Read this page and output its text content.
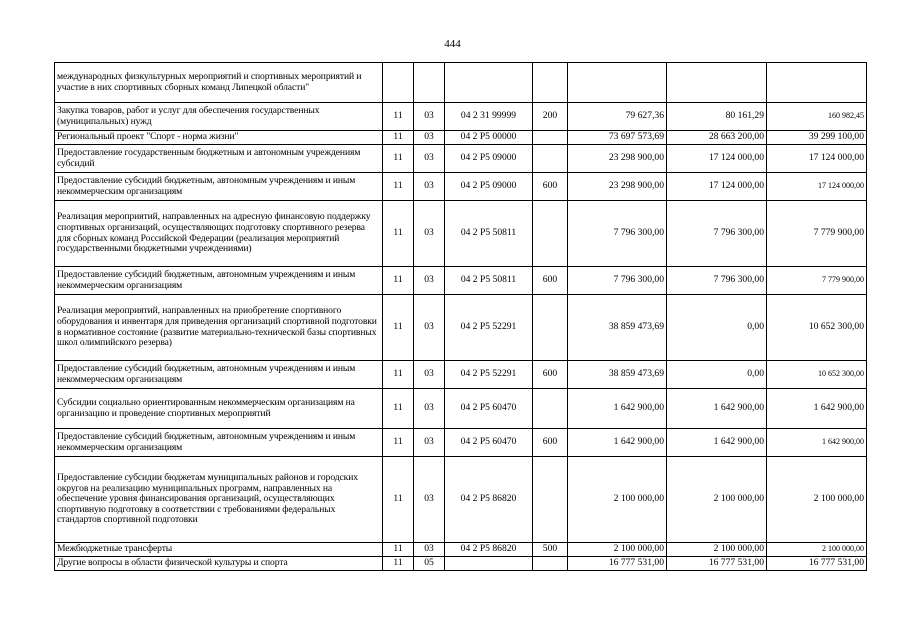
444
международных физкультурных мероприятий и спортивных мероприятий и участие в них спортивных сборных команд Липецкой области"							
Закупка товаров, работ и услуг для обеспечения государственных (муниципальных) нужд	11	03	04 2 31 99999	200	79 627,36	80 161,29	160 982,45
Региональный проект "Спорт - норма жизни"	11	03	04 2 P5 00000		73 697 573,69	28 663 200,00	39 299 100,00
Предоставление государственным бюджетным и автономным учреждениям субсидий	11	03	04 2 P5 09000		23 298 900,00	17 124 000,00	17 124 000,00
Предоставление субсидий бюджетным, автономным учреждениям и иным некоммерческим организациям	11	03	04 2 P5 09000	600	23 298 900,00	17 124 000,00	17 124 000,00
Реализация мероприятий, направленных на адресную финансовую поддержку спортивных организаций, осуществляющих подготовку спортивного резерва для сборных команд Российской Федерации (реализация мероприятий государственными бюджетными учреждениями)	11	03	04 2 P5 50811		7 796 300,00	7 796 300,00	7 779 900,00
Предоставление субсидий бюджетным, автономным учреждениям и иным некоммерческим организациям	11	03	04 2 P5 50811	600	7 796 300,00	7 796 300,00	7 779 900,00
Реализация мероприятий, направленных на приобретение спортивного оборудования и инвентаря для приведения организаций спортивной подготовки в нормативное состояние (развитие материально-технической базы спортивных школ олимпийского резерва)	11	03	04 2 P5 52291		38 859 473,69	0,00	10 652 300,00
Предоставление субсидий бюджетным, автономным учреждениям и иным некоммерческим организациям	11	03	04 2 P5 52291	600	38 859 473,69	0,00	10 652 300,00
Субсидии социально ориентированным некоммерческим организациям на организацию и проведение спортивных мероприятий	11	03	04 2 P5 60470		1 642 900,00	1 642 900,00	1 642 900,00
Предоставление субсидий бюджетным, автономным учреждениям и иным некоммерческим организациям	11	03	04 2 P5 60470	600	1 642 900,00	1 642 900,00	1 642 900,00
Предоставление субсидии бюджетам муниципальных районов и городских округов на реализацию муниципальных программ, направленных на обеспечение уровня финансирования организаций, осуществляющих спортивную подготовку в соответствии с требованиями федеральных стандартов спортивной подготовки	11	03	04 2 P5 86820		2 100 000,00	2 100 000,00	2 100 000,00
Межбюджетные трансферты	11	03	04 2 P5 86820	500	2 100 000,00	2 100 000,00	2 100 000,00
Другие вопросы в области физической культуры и спорта	11	05			16 777 531,00	16 777 531,00	16 777 531,00
